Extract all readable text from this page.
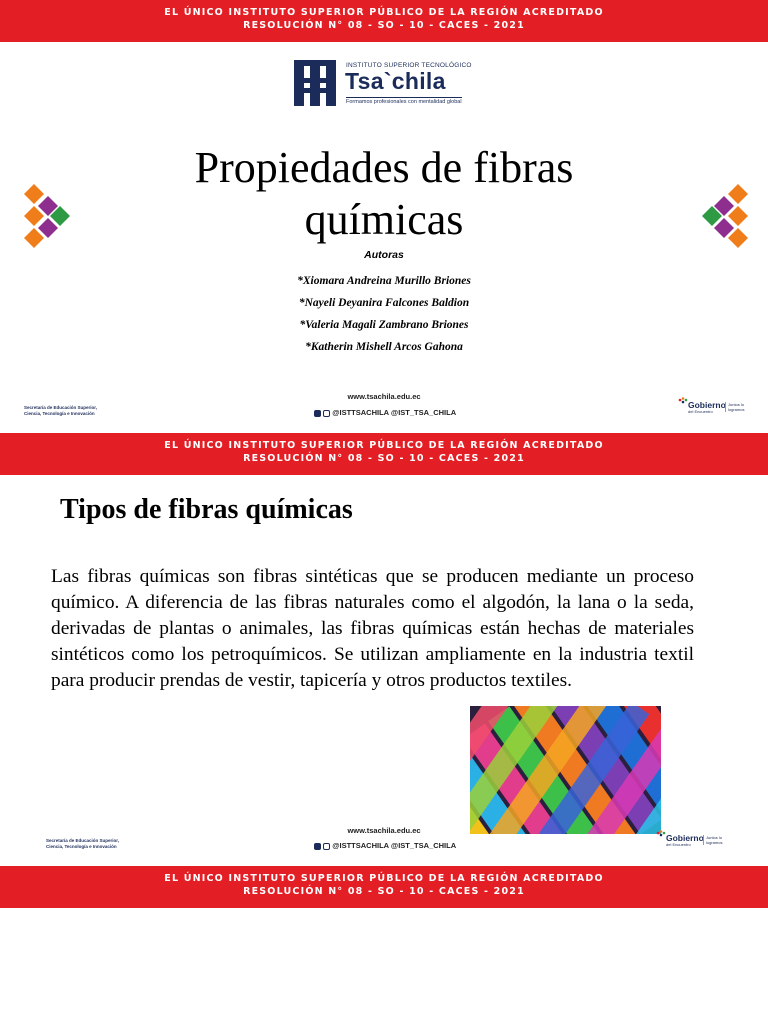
EL ÚNICO INSTITUTO SUPERIOR PÚBLICO DE LA REGIÓN ACREDITADO
RESOLUCIÓN N° 08 - SO - 10 - CACES - 2021
INSTITUTO SUPERIOR TECNOLÓGICO
Tsa`chila
Formamos profesionales con mentalidad global
Propiedades de fibras
químicas
Autoras
*Xiomara Andreina Murillo Briones
*Nayeli Deyanira Falcones Baldion
*Valeria Magali Zambrano Briones
*Katherin Mishell Arcos Gahona
Secretaría de Educación Superior, Ciencia, Tecnología e Innovación
www.tsachila.edu.ec
@ISTTSACHILA @IST_TSA_CHILA
Gobierno
del Encuentro
Juntos lo logramos
EL ÚNICO INSTITUTO SUPERIOR PÚBLICO DE LA REGIÓN ACREDITADO
RESOLUCIÓN N° 08 - SO - 10 - CACES - 2021
Tipos de fibras químicas

Las fibras químicas son fibras sintéticas que se producen mediante un proceso químico. A diferencia de las fibras naturales como el algodón, la lana o la seda, derivadas de plantas o animales, las fibras químicas están hechas de materiales sintéticos como los petroquímicos. Se utilizan ampliamente en la industria textil para producir prendas de vestir, tapicería y otros productos textiles.

Secretaría de Educación Superior, Ciencia, Tecnología e Innovación
www.tsachila.edu.ec
@ISTTSACHILA @IST_TSA_CHILA
Gobierno
del Encuentro
Juntos lo logramos
EL ÚNICO INSTITUTO SUPERIOR PÚBLICO DE LA REGIÓN ACREDITADO
RESOLUCIÓN N° 08 - SO - 10 - CACES - 2021
